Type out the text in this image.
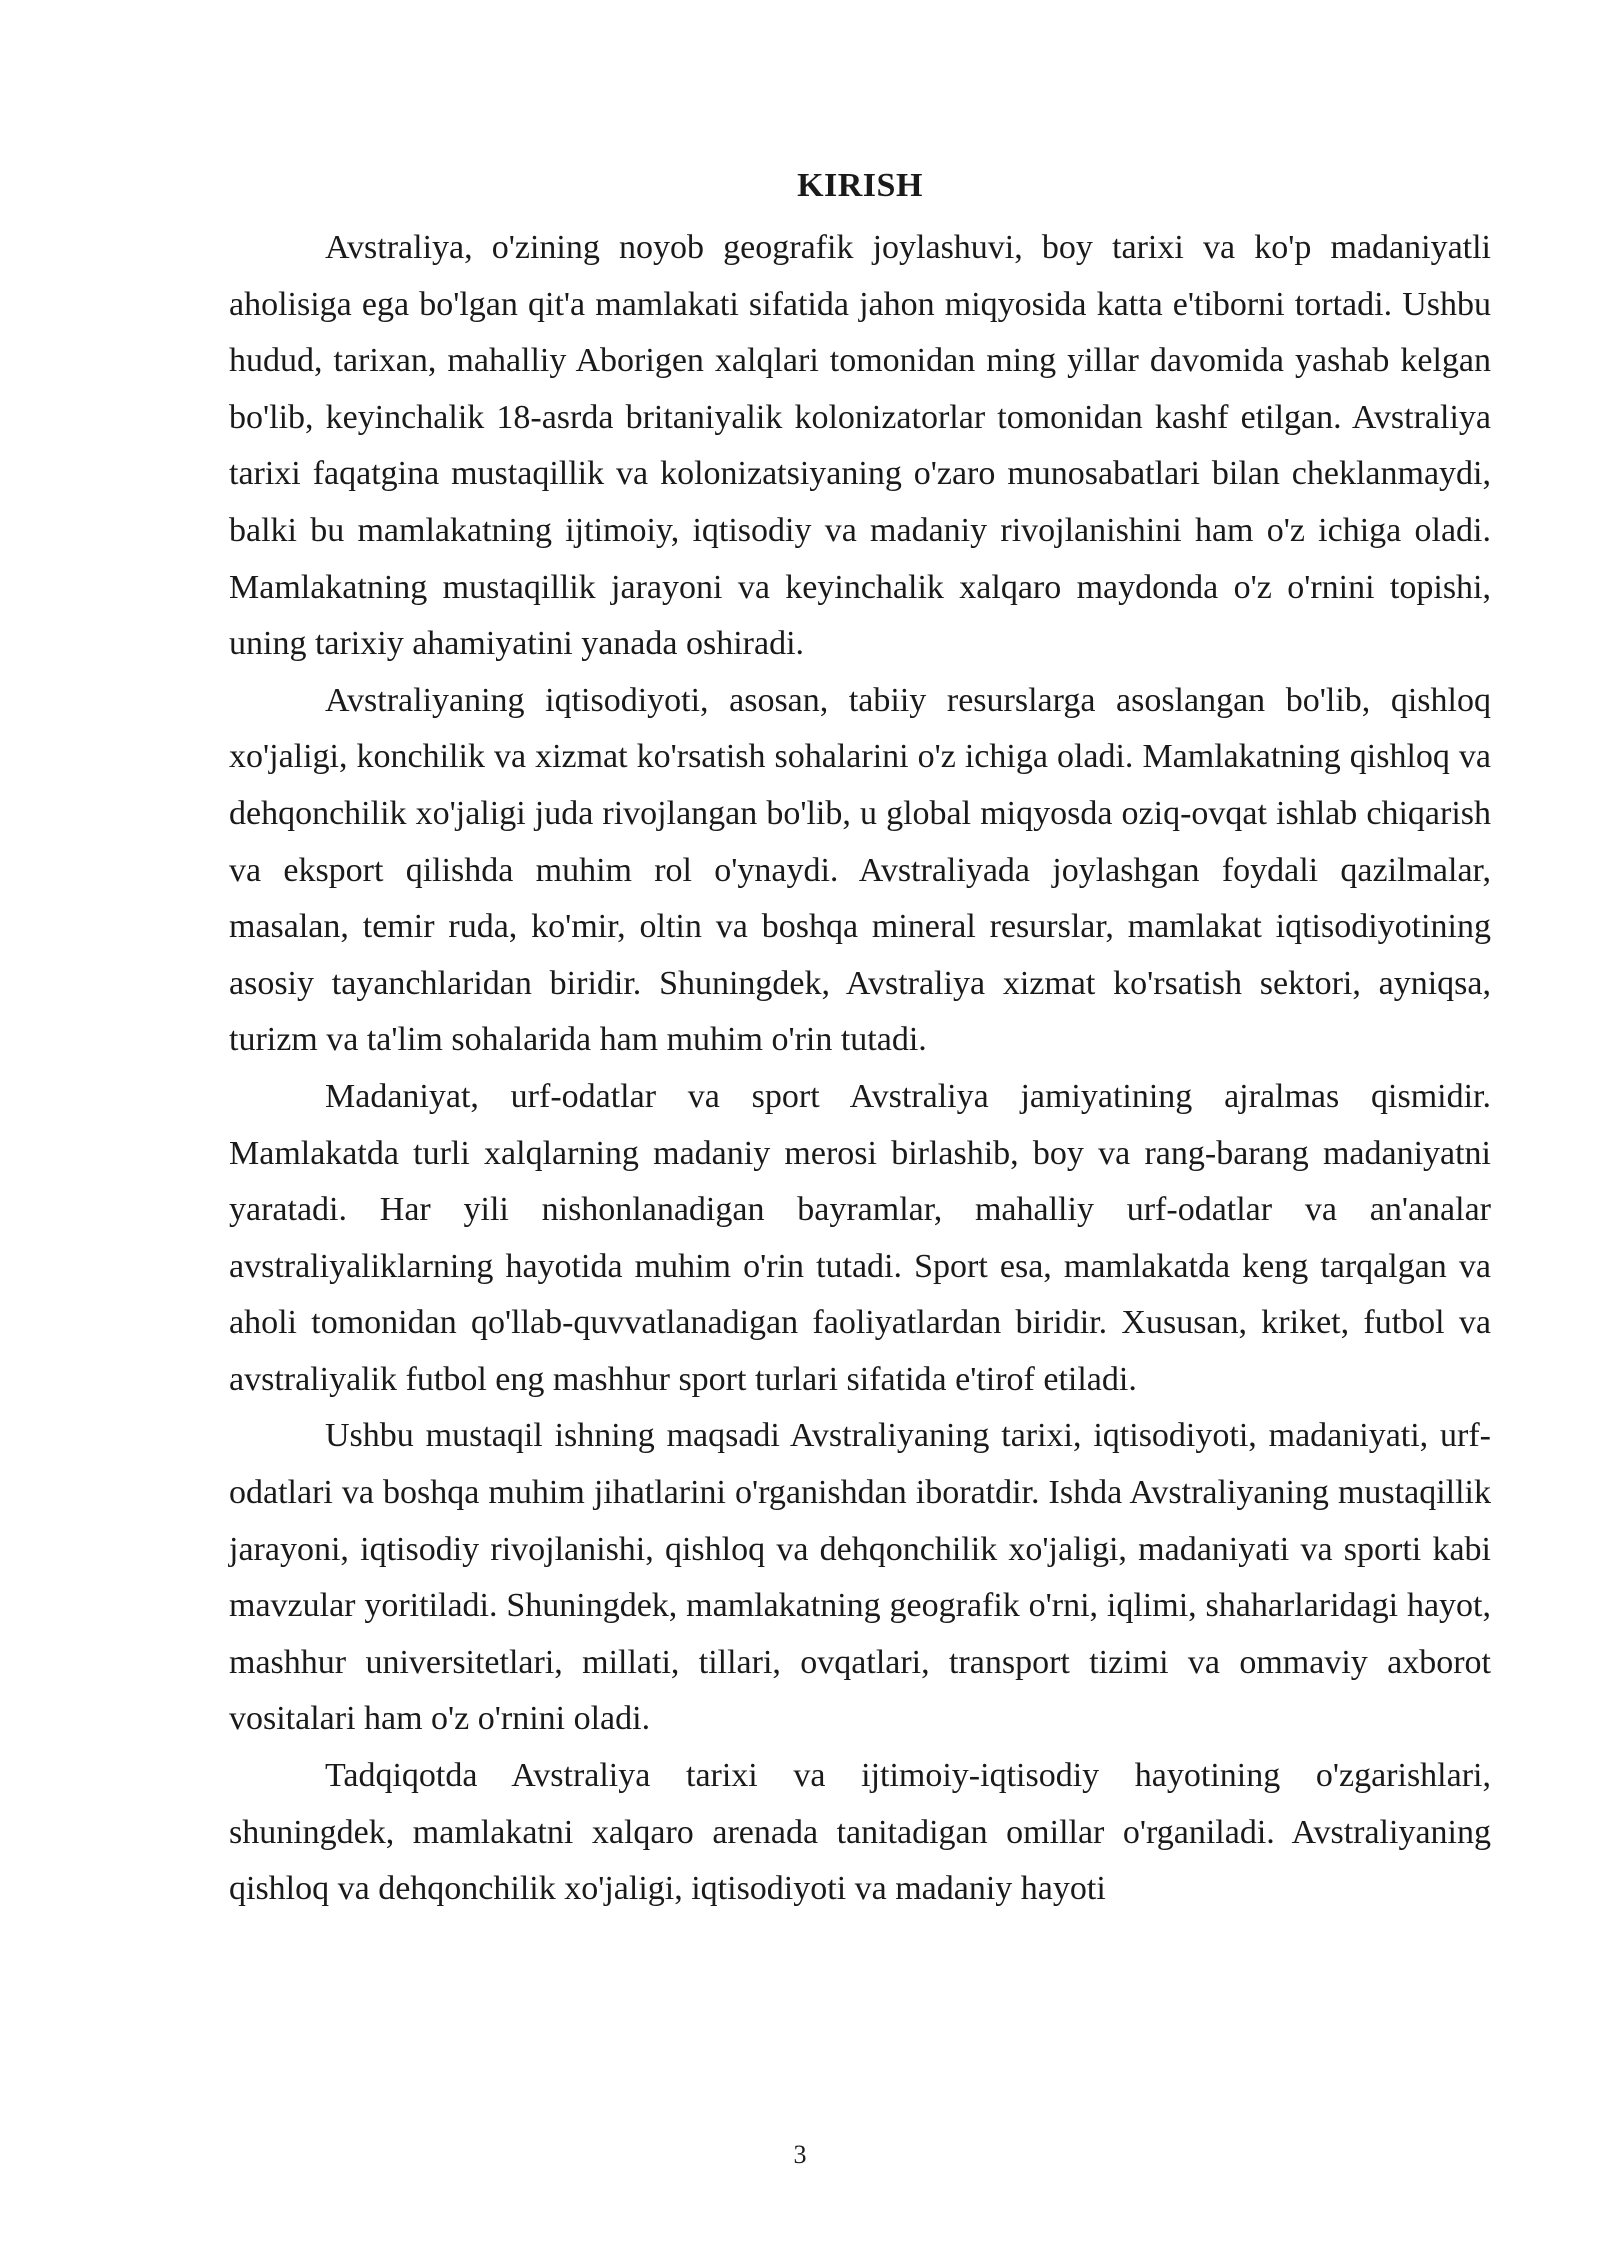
KIRISH

Avstraliya, o'zining noyob geografik joylashuvi, boy tarixi va ko'p madaniyatli aholisiga ega bo'lgan qit'a mamlakati sifatida jahon miqyosida katta e'tiborni tortadi. Ushbu hudud, tarixan, mahalliy Aborigen xalqlari tomonidan ming yillar davomida yashab kelgan bo'lib, keyinchalik 18-asrda britaniyalik kolonizatorlar tomonidan kashf etilgan. Avstraliya tarixi faqatgina mustaqillik va kolonizatsiyaning o'zaro munosabatlari bilan cheklanmaydi, balki bu mamlakatning ijtimoiy, iqtisodiy va madaniy rivojlanishini ham o'z ichiga oladi. Mamlakatning mustaqillik jarayoni va keyinchalik xalqaro maydonda o'z o'rnini topishi, uning tarixiy ahamiyatini yanada oshiradi.

Avstraliyaning iqtisodiyoti, asosan, tabiiy resurslarga asoslangan bo'lib, qishloq xo'jaligi, konchilik va xizmat ko'rsatish sohalarini o'z ichiga oladi. Mamlakatning qishloq va dehqonchilik xo'jaligi juda rivojlangan bo'lib, u global miqyosda oziq-ovqat ishlab chiqarish va eksport qilishda muhim rol o'ynaydi. Avstraliyada joylashgan foydali qazilmalar, masalan, temir ruda, ko'mir, oltin va boshqa mineral resurslar, mamlakat iqtisodiyotining asosiy tayanchlaridan biridir. Shuningdek, Avstraliya xizmat ko'rsatish sektori, ayniqsa, turizm va ta'lim sohalarida ham muhim o'rin tutadi.

Madaniyat, urf-odatlar va sport Avstraliya jamiyatining ajralmas qismidir. Mamlakatda turli xalqlarning madaniy merosi birlashib, boy va rang-barang madaniyatni yaratadi. Har yili nishonlanadigan bayramlar, mahalliy urf-odatlar va an'analar avstraliyaliklarning hayotida muhim o'rin tutadi. Sport esa, mamlakatda keng tarqalgan va aholi tomonidan qo'llab-quvvatlanadigan faoliyatlardan biridir. Xususan, kriket, futbol va avstraliyalik futbol eng mashhur sport turlari sifatida e'tirof etiladi.

Ushbu mustaqil ishning maqsadi Avstraliyaning tarixi, iqtisodiyoti, madaniyati, urf-odatlari va boshqa muhim jihatlarini o'rganishdan iboratdir. Ishda Avstraliyaning mustaqillik jarayoni, iqtisodiy rivojlanishi, qishloq va dehqonchilik xo'jaligi, madaniyati va sporti kabi mavzular yoritiladi. Shuningdek, mamlakatning geografik o'rni, iqlimi, shaharlaridagi hayot, mashhur universitetlari, millati, tillari, ovqatlari, transport tizimi va ommaviy axborot vositalari ham o'z o'rnini oladi.

Tadqiqotda Avstraliya tarixi va ijtimoiy-iqtisodiy hayotining o'zgarishlari, shuningdek, mamlakatni xalqaro arenada tanitadigan omillar o'rganiladi. Avstraliyaning qishloq va dehqonchilik xo'jaligi, iqtisodiyoti va madaniy hayoti

3
